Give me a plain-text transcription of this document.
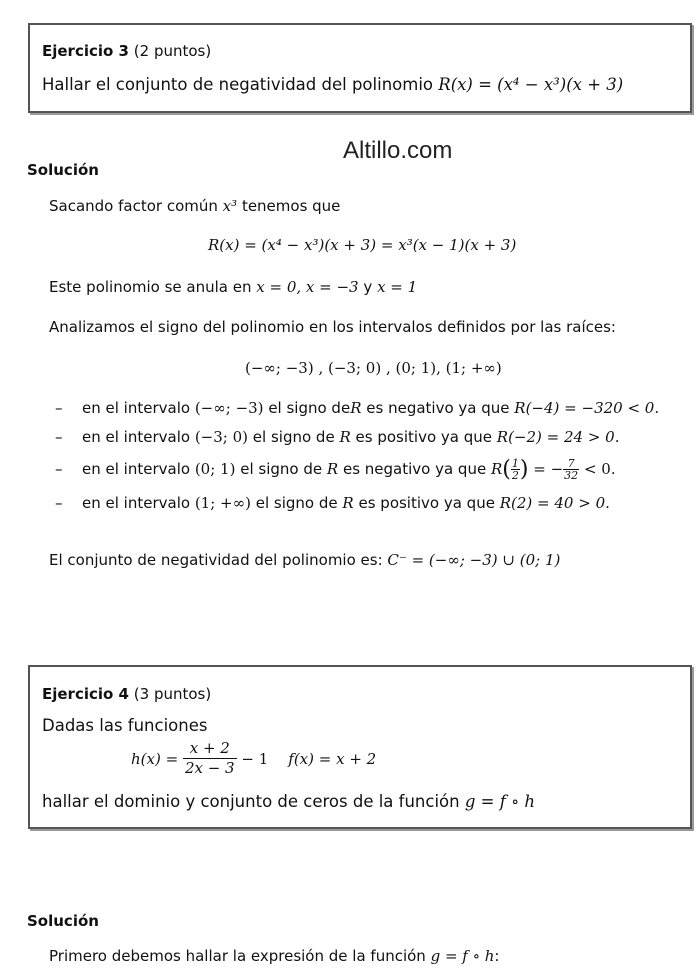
Ejercicio 3 (2 puntos)
Hallar el conjunto de negatividad del polinomio R(x) = (x⁴ − x³)(x + 3)
Altillo.com
Solución
Sacando factor común x³ tenemos que
R(x) = (x⁴ − x³)(x + 3) = x³(x − 1)(x + 3)
Este polinomio se anula en x = 0, x = −3 y x = 1
Analizamos el signo del polinomio en los intervalos definidos por las raíces:
(−∞; −3) , (−3; 0) , (0; 1), (1; +∞)
– en el intervalo (−∞; −3) el signo deR es negativo ya que R(−4) = −320 < 0.
– en el intervalo (−3; 0) el signo de R es positivo ya que R(−2) = 24 > 0.
– en el intervalo
(0; 1)
el signo de
R
es negativo ya que
R ( $\frac{1}{2}$ )
= − $\frac{7}{32}$
< 0.
– en el intervalo (1; +∞) el signo de R es positivo ya que R(2) = 40 > 0.
El conjunto de negatividad del polinomio es: C⁻ = (−∞; −3) ∪ (0; 1)
Ejercicio 4 (3 puntos)
Dadas las funciones
h(x) =
$\frac{x + 2}{2x - 3}$
− 1 f(x) = x + 2
hallar el dominio y conjunto de ceros de la función g = f ∘ h
Solución
Primero debemos hallar la expresión de la función g = f ∘ h:
